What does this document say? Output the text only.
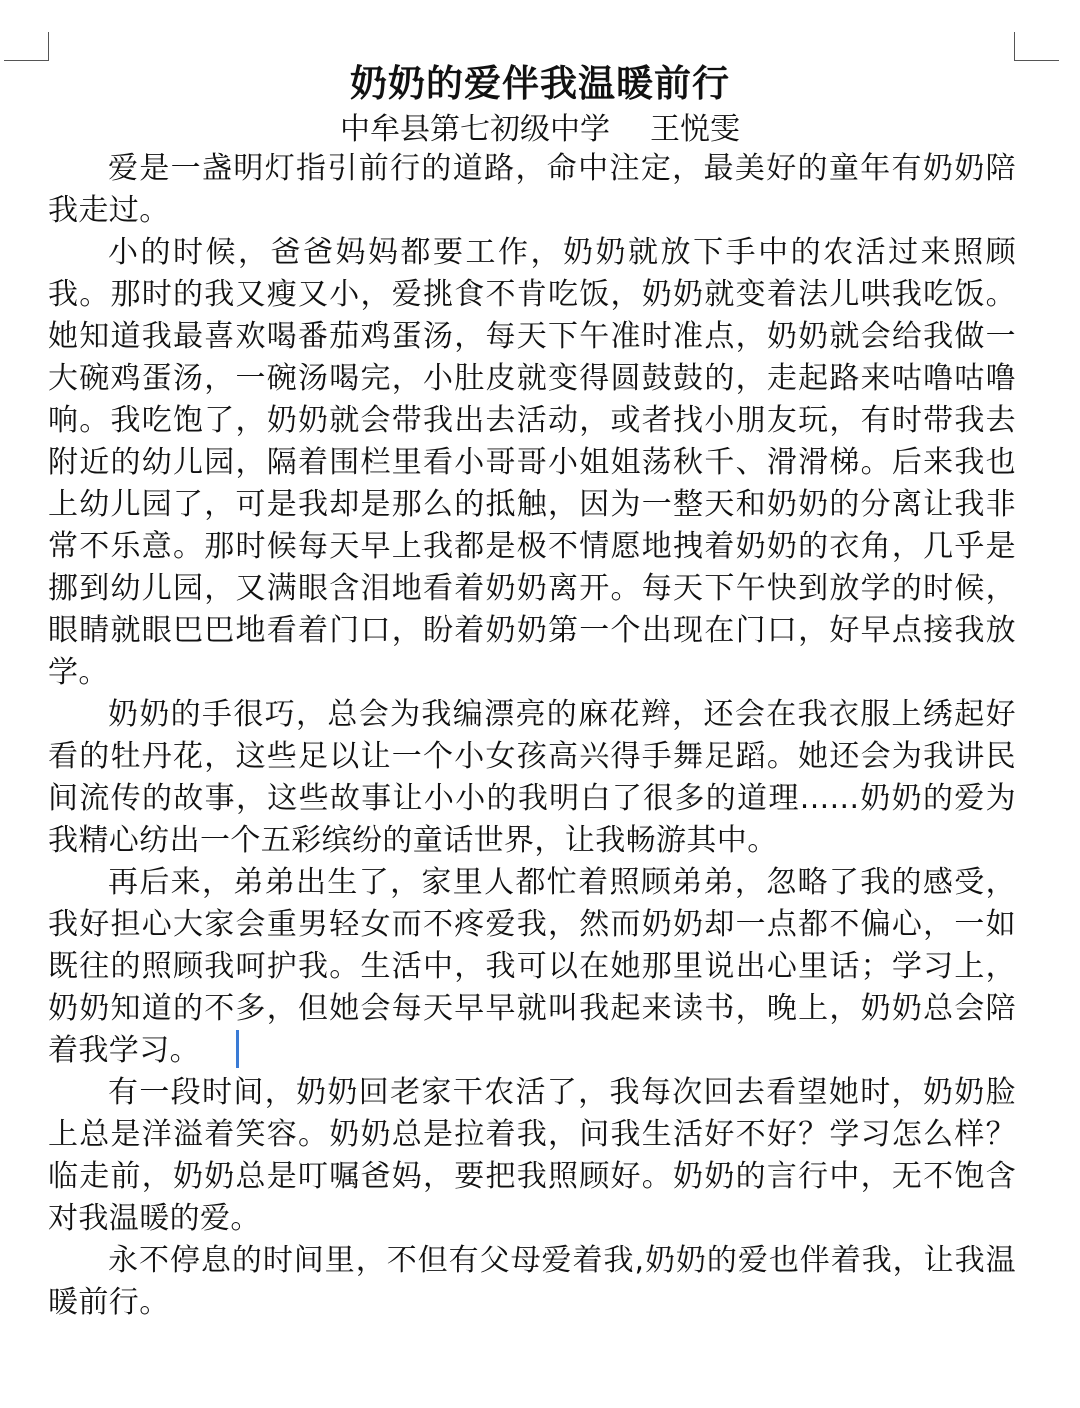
奶奶的爱伴我温暖前行
中牟县第七初级中学 王悦雯

爱是一盏明灯指引前行的道路，命中注定，最美好的童年有奶奶陪我走过。

小的时候，爸爸妈妈都要工作，奶奶就放下手中的农活过来照顾我。那时的我又瘦又小，爱挑食不肯吃饭，奶奶就变着法儿哄我吃饭。她知道我最喜欢喝番茄鸡蛋汤，每天下午准时准点，奶奶就会给我做一大碗鸡蛋汤，一碗汤喝完，小肚皮就变得圆鼓鼓的，走起路来咕噜咕噜响。我吃饱了，奶奶就会带我出去活动，或者找小朋友玩，有时带我去附近的幼儿园，隔着围栏里看小哥哥小姐姐荡秋千、滑滑梯。后来我也上幼儿园了，可是我却是那么的抵触，因为一整天和奶奶的分离让我非常不乐意。那时候每天早上我都是极不情愿地拽着奶奶的衣角，几乎是挪到幼儿园，又满眼含泪地看着奶奶离开。每天下午快到放学的时候，眼睛就眼巴巴地看着门口，盼着奶奶第一个出现在门口，好早点接我放学。

奶奶的手很巧，总会为我编漂亮的麻花辫，还会在我衣服上绣起好看的牡丹花，这些足以让一个小女孩高兴得手舞足蹈。她还会为我讲民间流传的故事，这些故事让小小的我明白了很多的道理......奶奶的爱为我精心纺出一个五彩缤纷的童话世界，让我畅游其中。

再后来，弟弟出生了，家里人都忙着照顾弟弟，忽略了我的感受，我好担心大家会重男轻女而不疼爱我，然而奶奶却一点都不偏心，一如既往的照顾我呵护我。生活中，我可以在她那里说出心里话；学习上，奶奶知道的不多，但她会每天早早就叫我起来读书，晚上，奶奶总会陪着我学习。

有一段时间，奶奶回老家干农活了，我每次回去看望她时，奶奶脸上总是洋溢着笑容。奶奶总是拉着我，问我生活好不好？学习怎么样？临走前，奶奶总是叮嘱爸妈，要把我照顾好。奶奶的言行中，无不饱含对我温暖的爱。

永不停息的时间里，不但有父母爱着我,奶奶的爱也伴着我，让我温暖前行。
